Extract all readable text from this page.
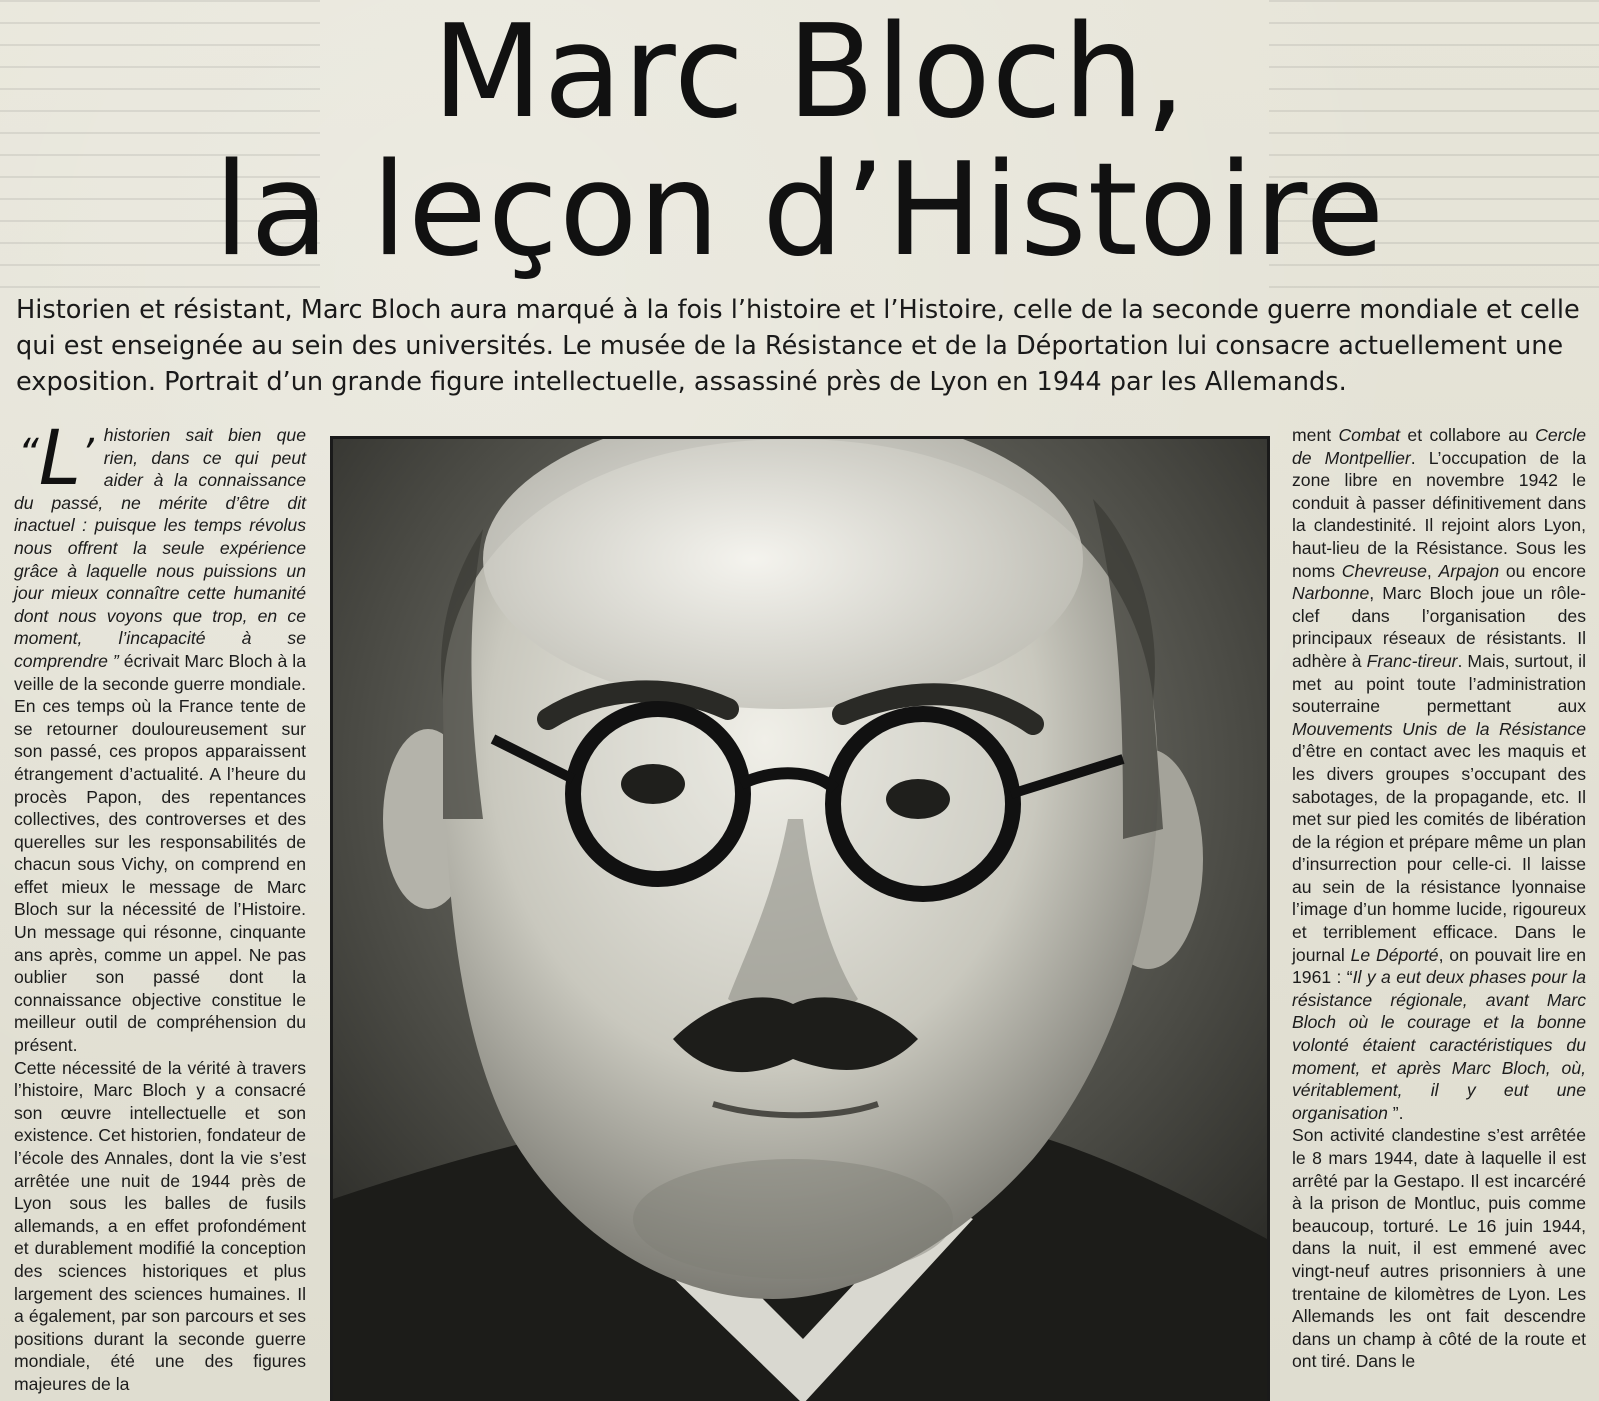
Marc Bloch,
la leçon d’Histoire

Historien et résistant, Marc Bloch aura marqué à la fois l’histoire et l’Histoire, celle de la seconde guerre mondiale et celle qui est enseignée au sein des universités. Le musée de la Résistance et de la Déportation lui consacre actuellement une exposition. Portrait d’un grande figure intellectuelle, assassiné près de Lyon en 1944 par les Allemands.

“L’ historien sait bien que rien, dans ce qui peut aider à la connaissance du passé, ne mérite d’être dit inactuel : puisque les temps révolus nous offrent la seule expérience grâce à laquelle nous puissions un jour mieux connaître cette humanité dont nous voyons que trop, en ce moment, l’incapacité à se comprendre ” écrivait Marc Bloch à la veille de la seconde guerre mondiale. En ces temps où la France tente de se retourner douloureusement sur son passé, ces propos apparaissent étrangement d’actualité. A l’heure du procès Papon, des repentances collectives, des controverses et des querelles sur les responsabilités de chacun sous Vichy, on comprend en effet mieux le message de Marc Bloch sur la nécessité de l’Histoire. Un message qui résonne, cinquante ans après, comme un appel. Ne pas oublier son passé dont la connaissance objective constitue le meilleur outil de compréhension du présent.

Cette nécessité de la vérité à travers l’histoire, Marc Bloch y a consacré son œuvre intellectuelle et son existence. Cet historien, fondateur de l’école des Annales, dont la vie s’est arrêtée une nuit de 1944 près de Lyon sous les balles de fusils allemands, a en effet profondément et durablement modifié la conception des sciences historiques et plus largement des sciences humaines. Il a également, par son parcours et ses positions durant la seconde guerre mondiale, été une des figures majeures de la

ment Combat et collabore au Cercle de Montpellier. L’occupation de la zone libre en novembre 1942 le conduit à passer définitivement dans la clandestinité. Il rejoint alors Lyon, haut-lieu de la Résistance. Sous les noms Chevreuse, Arpajon ou encore Narbonne, Marc Bloch joue un rôle-clef dans l’organisation des principaux réseaux de résistants. Il adhère à Franc-tireur. Mais, surtout, il met au point toute l’administration souterraine permettant aux Mouvements Unis de la Résistance d’être en contact avec les maquis et les divers groupes s’occupant des sabotages, de la propagande, etc. Il met sur pied les comités de libération de la région et prépare même un plan d’insurrection pour celle-ci. Il laisse au sein de la résistance lyonnaise l’image d’un homme lucide, rigoureux et terriblement efficace. Dans le journal Le Déporté, on pouvait lire en 1961 : “Il y a eut deux phases pour la résistance régionale, avant Marc Bloch où le courage et la bonne volonté étaient caractéristiques du moment, et après Marc Bloch, où, véritablement, il y eut une organisation ”.

Son activité clandestine s’est arrêtée le 8 mars 1944, date à laquelle il est arrêté par la Gestapo. Il est incarcéré à la prison de Montluc, puis comme beaucoup, torturé. Le 16 juin 1944, dans la nuit, il est emmené avec vingt-neuf autres prisonniers à une trentaine de kilomètres de Lyon. Les Allemands les ont fait descendre dans un champ à côté de la route et ont tiré. Dans le
